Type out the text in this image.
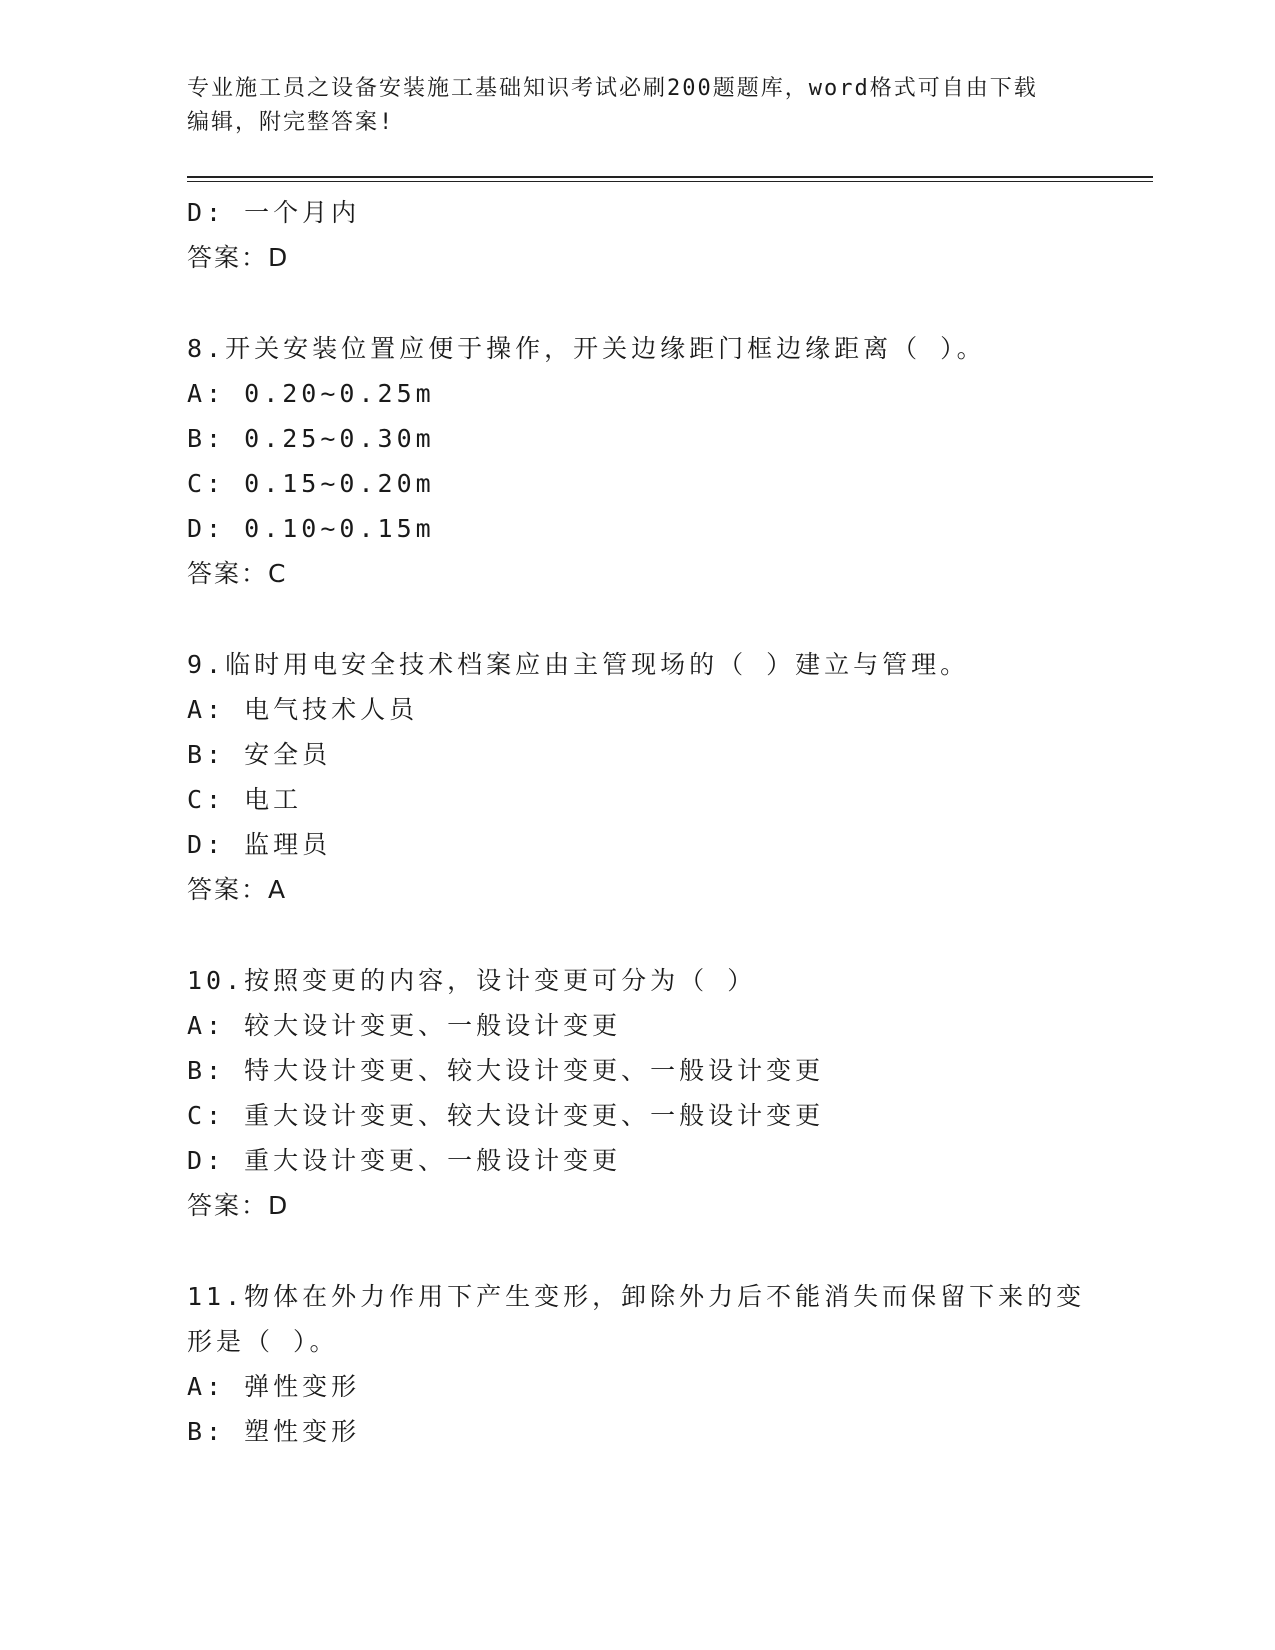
专业施工员之设备安装施工基础知识考试必刷200题题库，word格式可自由下载
编辑，附完整答案!
D: 一个月内
答案：D
8.开关安装位置应便于操作，开关边缘距门框边缘距离（ ）。
A: 0.20~0.25m
B: 0.25~0.30m
C: 0.15~0.20m
D: 0.10~0.15m
答案：C
9.临时用电安全技术档案应由主管现场的（ ）建立与管理。
A: 电气技术人员
B: 安全员
C: 电工
D: 监理员
答案：A
10.按照变更的内容，设计变更可分为（ ）
A: 较大设计变更、一般设计变更
B: 特大设计变更、较大设计变更、一般设计变更
C: 重大设计变更、较大设计变更、一般设计变更
D: 重大设计变更、一般设计变更
答案：D
11.物体在外力作用下产生变形，卸除外力后不能消失而保留下来的变形是（ ）。
A: 弹性变形
B: 塑性变形
